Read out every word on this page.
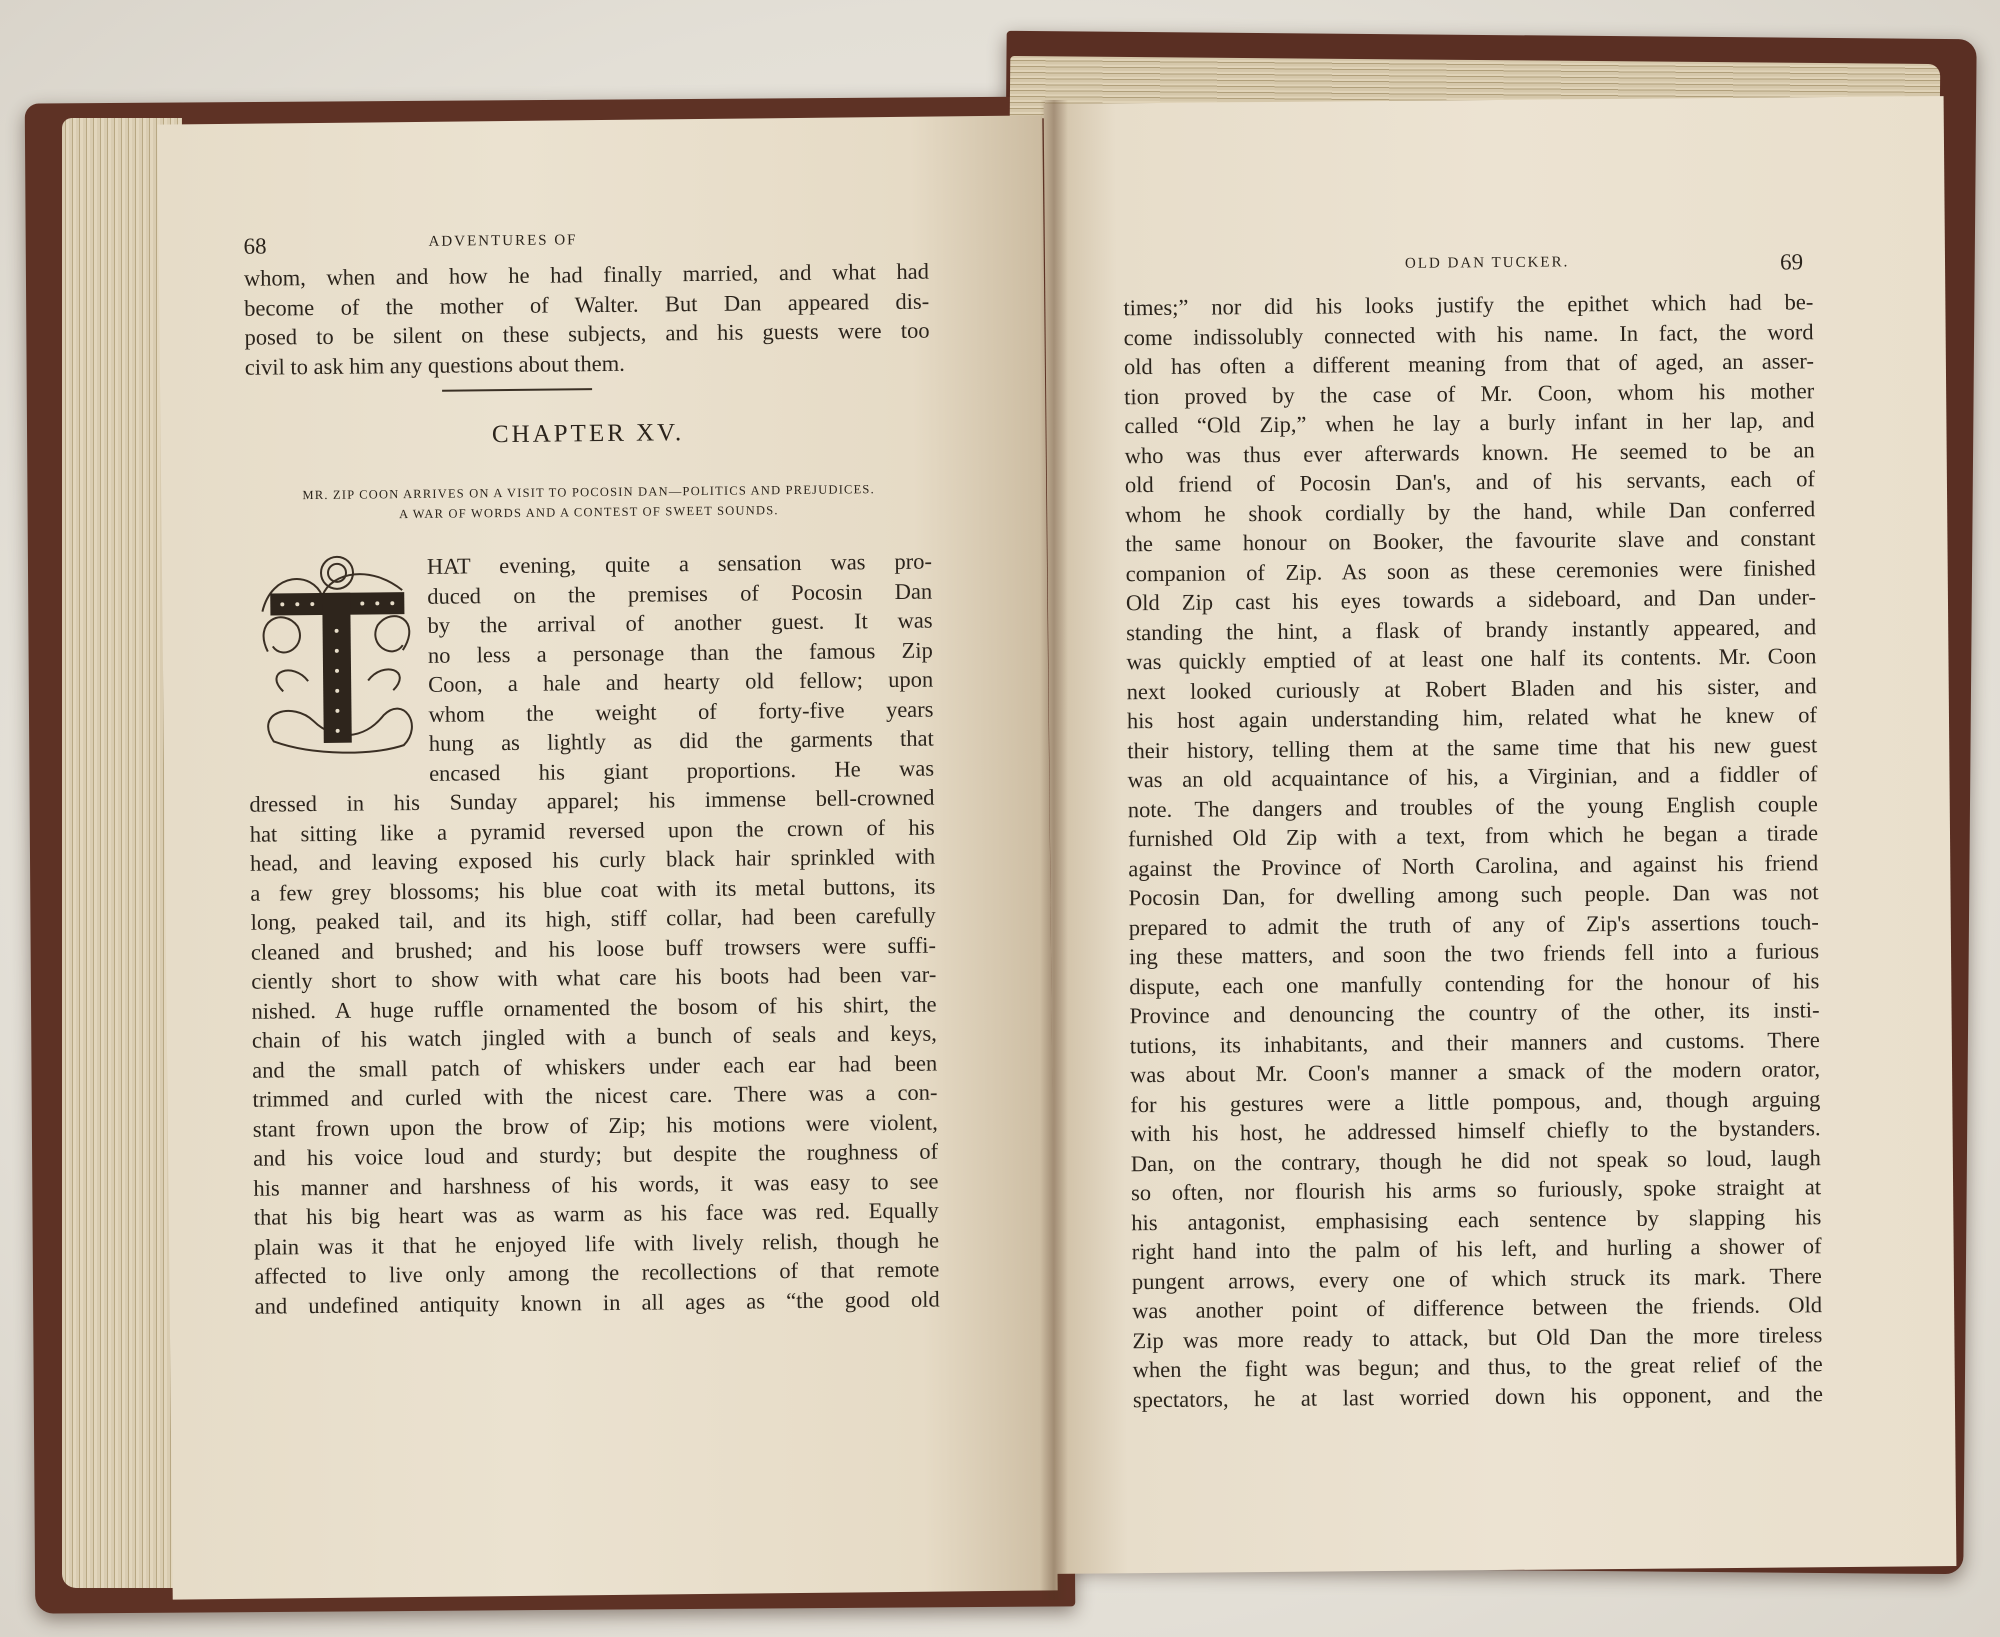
68	ADVENTURES OF
whom, when and how he had finally married, and what had
become of the mother of Walter. But Dan appeared dis-
posed to be silent on these subjects, and his guests were too
civil to ask him any questions about them.
CHAPTER XV.
MR. ZIP COON ARRIVES ON A VISIT TO POCOSIN DAN—POLITICS AND PREJUDICES.
A WAR OF WORDS AND A CONTEST OF SWEET SOUNDS.
HAT evening, quite a sensation was pro-
duced on the premises of Pocosin Dan
by the arrival of another guest. It was
no less a personage than the famous Zip
Coon, a hale and hearty old fellow; upon
whom the weight of forty-five years
hung as lightly as did the garments that
encased his giant proportions. He was
dressed in his Sunday apparel; his immense bell-crowned
hat sitting like a pyramid reversed upon the crown of his
head, and leaving exposed his curly black hair sprinkled with
a few grey blossoms; his blue coat with its metal buttons, its
long, peaked tail, and its high, stiff collar, had been carefully
cleaned and brushed; and his loose buff trowsers were suffi-
ciently short to show with what care his boots had been var-
nished. A huge ruffle ornamented the bosom of his shirt, the
chain of his watch jingled with a bunch of seals and keys,
and the small patch of whiskers under each ear had been
trimmed and curled with the nicest care. There was a con-
stant frown upon the brow of Zip; his motions were violent,
and his voice loud and sturdy; but despite the roughness of
his manner and harshness of his words, it was easy to see
that his big heart was as warm as his face was red. Equally
plain was it that he enjoyed life with lively relish, though he
affected to live only among the recollections of that remote
and undefined antiquity known in all ages as “the good old
OLD DAN TUCKER.	69
times;” nor did his looks justify the epithet which had be-
come indissolubly connected with his name. In fact, the word
old has often a different meaning from that of aged, an asser-
tion proved by the case of Mr. Coon, whom his mother
called “Old Zip,” when he lay a burly infant in her lap, and
who was thus ever afterwards known. He seemed to be an
old friend of Pocosin Dan's, and of his servants, each of
whom he shook cordially by the hand, while Dan conferred
the same honour on Booker, the favourite slave and constant
companion of Zip. As soon as these ceremonies were finished
Old Zip cast his eyes towards a sideboard, and Dan under-
standing the hint, a flask of brandy instantly appeared, and
was quickly emptied of at least one half its contents. Mr. Coon
next looked curiously at Robert Bladen and his sister, and
his host again understanding him, related what he knew of
their history, telling them at the same time that his new guest
was an old acquaintance of his, a Virginian, and a fiddler of
note. The dangers and troubles of the young English couple
furnished Old Zip with a text, from which he began a tirade
against the Province of North Carolina, and against his friend
Pocosin Dan, for dwelling among such people. Dan was not
prepared to admit the truth of any of Zip's assertions touch-
ing these matters, and soon the two friends fell into a furious
dispute, each one manfully contending for the honour of his
Province and denouncing the country of the other, its insti-
tutions, its inhabitants, and their manners and customs. There
was about Mr. Coon's manner a smack of the modern orator,
for his gestures were a little pompous, and, though arguing
with his host, he addressed himself chiefly to the bystanders.
Dan, on the contrary, though he did not speak so loud, laugh
so often, nor flourish his arms so furiously, spoke straight at
his antagonist, emphasising each sentence by slapping his
right hand into the palm of his left, and hurling a shower of
pungent arrows, every one of which struck its mark. There
was another point of difference between the friends. Old
Zip was more ready to attack, but Old Dan the more tireless
when the fight was begun; and thus, to the great relief of the
spectators, he at last worried down his opponent, and the
